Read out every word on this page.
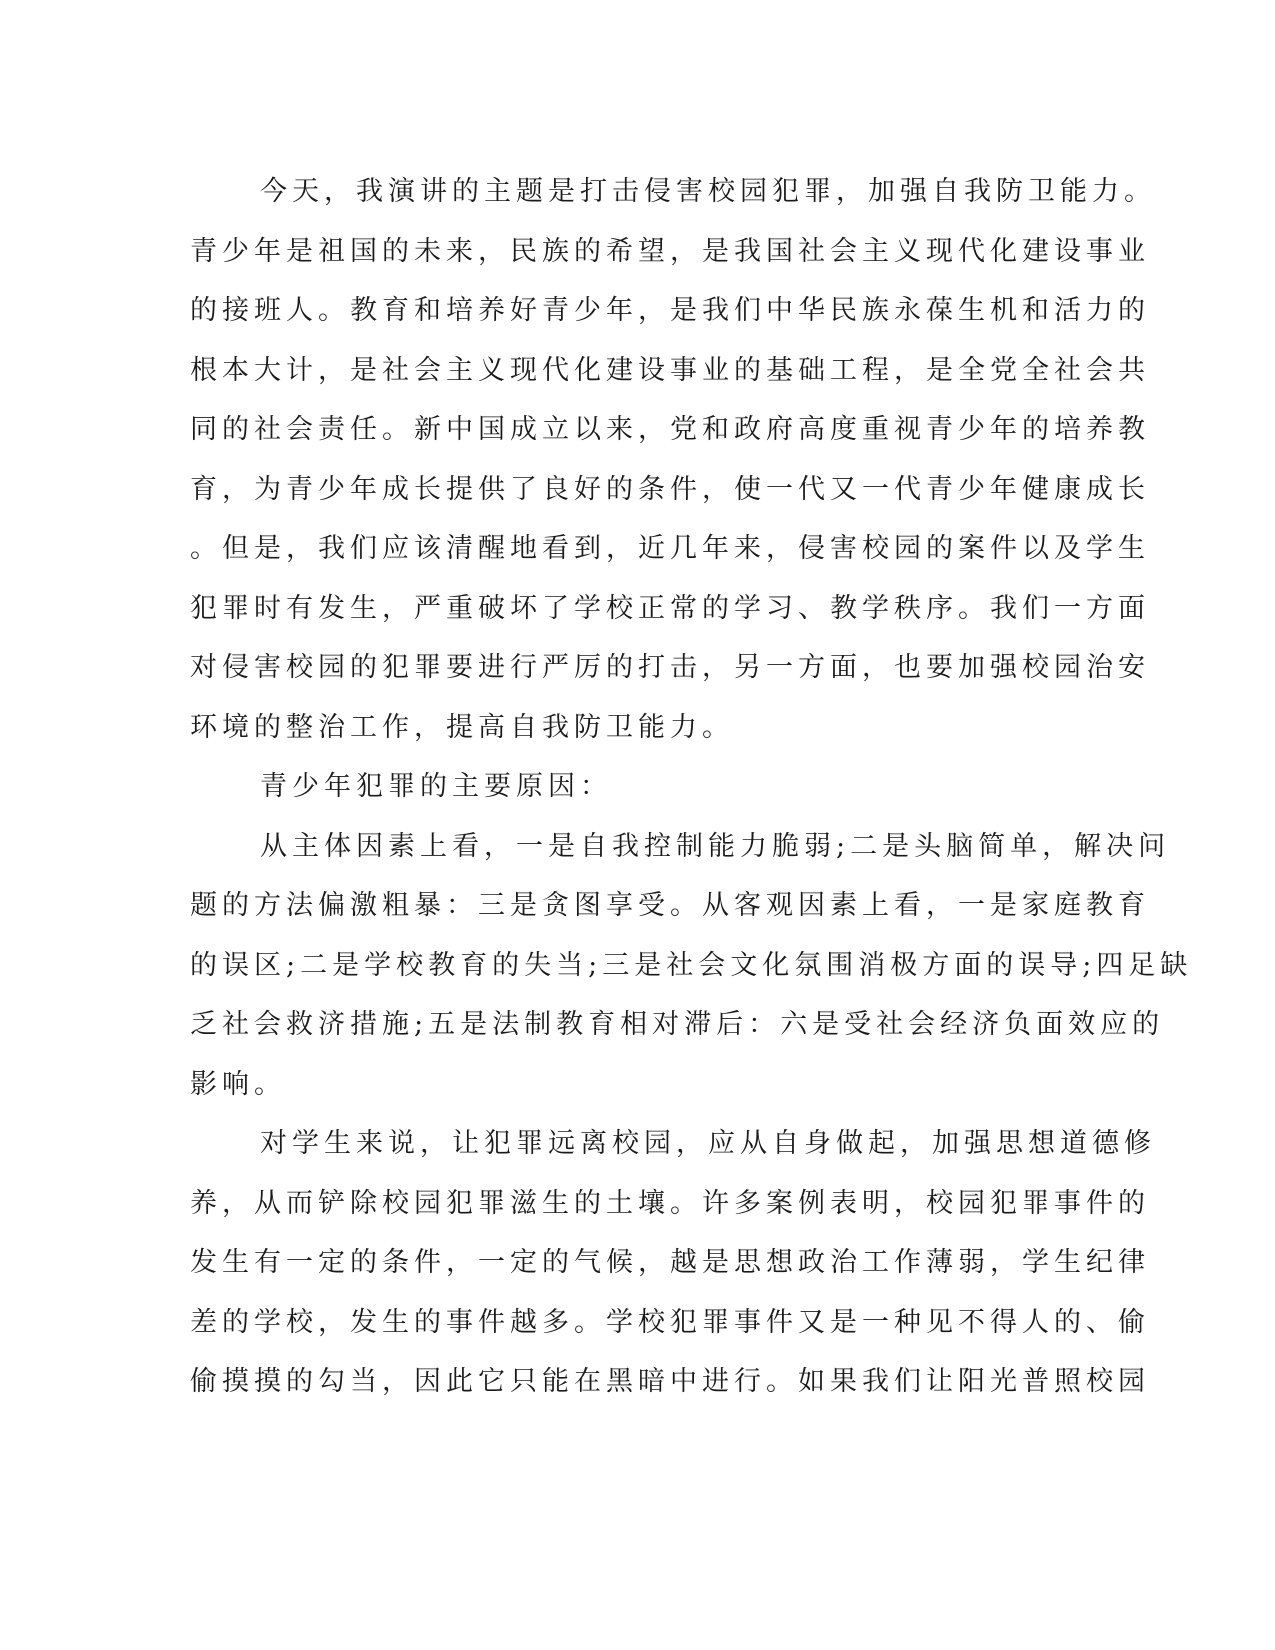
今天，我演讲的主题是打击侵害校园犯罪，加强自我防卫能力。
青少年是祖国的未来，民族的希望，是我国社会主义现代化建设事业
的接班人。教育和培养好青少年，是我们中华民族永葆生机和活力的
根本大计，是社会主义现代化建设事业的基础工程，是全党全社会共
同的社会责任。新中国成立以来，党和政府高度重视青少年的培养教
育，为青少年成长提供了良好的条件，使一代又一代青少年健康成长
。但是，我们应该清醒地看到，近几年来，侵害校园的案件以及学生
犯罪时有发生，严重破坏了学校正常的学习、教学秩序。我们一方面
对侵害校园的犯罪要进行严厉的打击，另一方面，也要加强校园治安
环境的整治工作，提高自我防卫能力。
青少年犯罪的主要原因：
从主体因素上看，一是自我控制能力脆弱;二是头脑简单，解决问
题的方法偏激粗暴：三是贪图享受。从客观因素上看，一是家庭教育
的误区;二是学校教育的失当;三是社会文化氛围消极方面的误导;四足缺
乏社会救济措施;五是法制教育相对滞后：六是受社会经济负面效应的
影响。
对学生来说，让犯罪远离校园，应从自身做起，加强思想道德修
养，从而铲除校园犯罪滋生的土壤。许多案例表明，校园犯罪事件的
发生有一定的条件，一定的气候，越是思想政治工作薄弱，学生纪律
差的学校，发生的事件越多。学校犯罪事件又是一种见不得人的、偷
偷摸摸的勾当，因此它只能在黑暗中进行。如果我们让阳光普照校园
